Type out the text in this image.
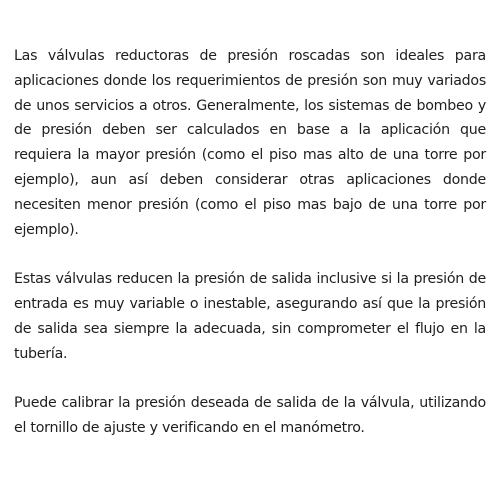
Las válvulas reductoras de presión roscadas son ideales para aplicaciones donde los requerimientos de presión son muy variados de unos servicios a otros. Generalmente, los sistemas de bombeo y de presión deben ser calculados en base a la aplicación que requiera la mayor presión (como el piso mas alto de una torre por ejemplo), aun así deben considerar otras aplicaciones donde necesiten menor presión (como el piso mas bajo de una torre por ejemplo).

Estas válvulas reducen la presión de salida inclusive si la presión de entrada es muy variable o inestable, asegurando así que la presión de salida sea siempre la adecuada, sin comprometer el flujo en la tubería.

Puede calibrar la presión deseada de salida de la válvula, utilizando el tornillo de ajuste y verificando en el manómetro.
